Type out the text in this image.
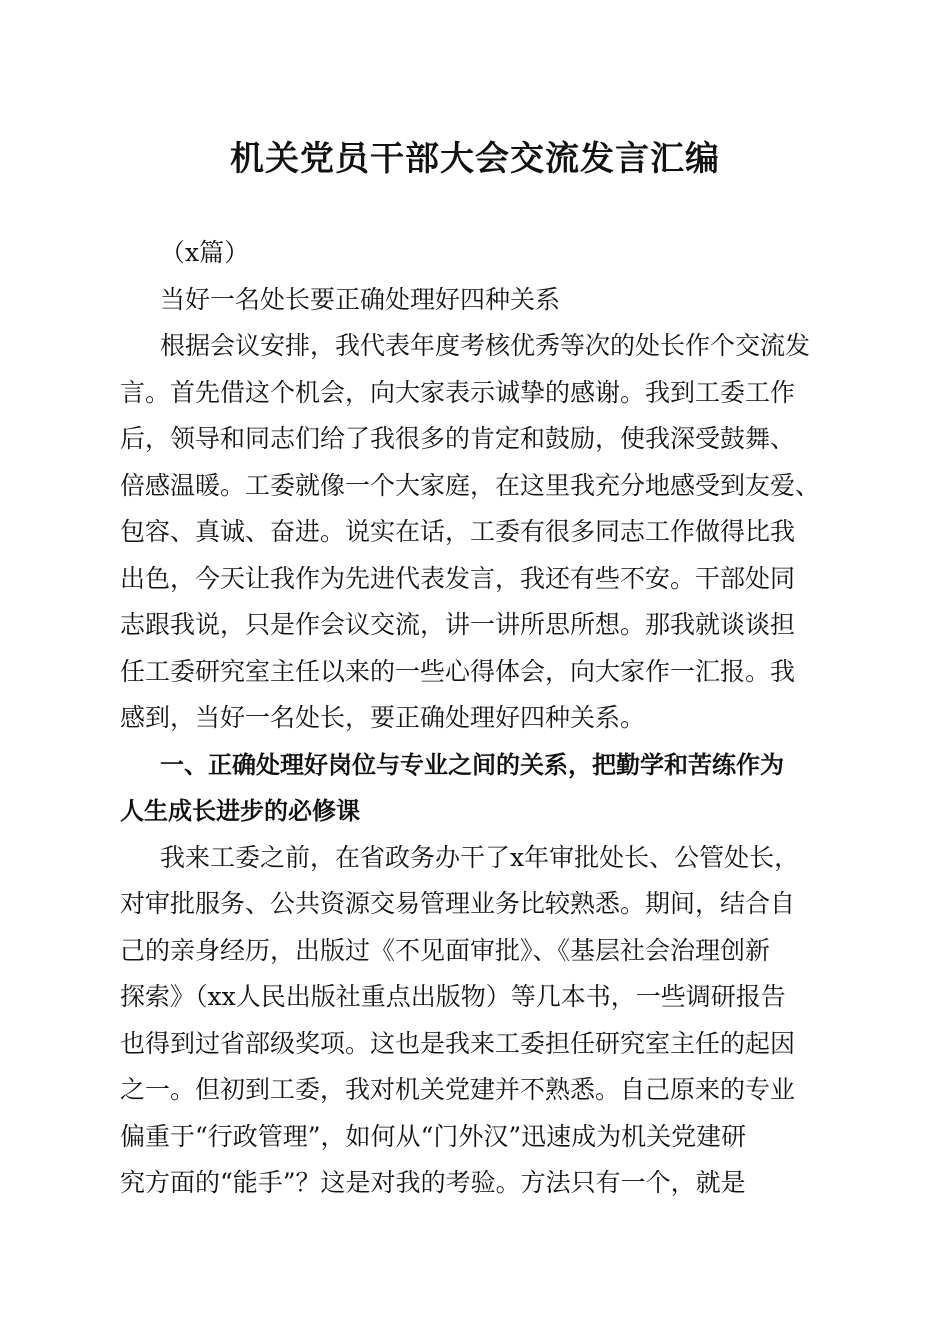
机关党员干部大会交流发言汇编
（x篇）
当好一名处长要正确处理好四种关系
根据会议安排，我代表年度考核优秀等次的处长作个交流发
言。首先借这个机会，向大家表示诚挚的感谢。我到工委工作
后，领导和同志们给了我很多的肯定和鼓励，使我深受鼓舞、
倍感温暖。工委就像一个大家庭，在这里我充分地感受到友爱、
包容、真诚、奋进。说实在话，工委有很多同志工作做得比我
出色，今天让我作为先进代表发言，我还有些不安。干部处同
志跟我说，只是作会议交流，讲一讲所思所想。那我就谈谈担
任工委研究室主任以来的一些心得体会，向大家作一汇报。我
感到，当好一名处长，要正确处理好四种关系。
一、正确处理好岗位与专业之间的关系，把勤学和苦练作为
人生成长进步的必修课
我来工委之前，在省政务办干了x年审批处长、公管处长，
对审批服务、公共资源交易管理业务比较熟悉。期间，结合自
己的亲身经历，出版过《不见面审批》、《基层社会治理创新
探索》（xx人民出版社重点出版物）等几本书，一些调研报告
也得到过省部级奖项。这也是我来工委担任研究室主任的起因
之一。但初到工委，我对机关党建并不熟悉。自己原来的专业
偏重于“行政管理”，如何从“门外汉”迅速成为机关党建研
究方面的“能手”？这是对我的考验。方法只有一个，就是
